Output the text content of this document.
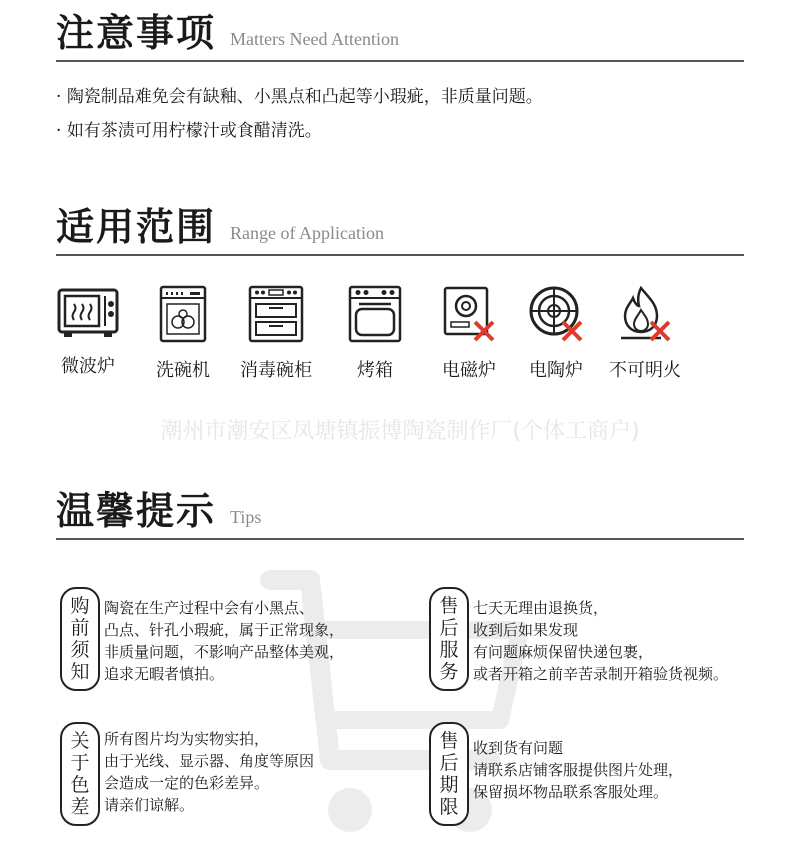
注意事项 Matters Need Attention
· 陶瓷制品难免会有缺釉、小黑点和凸起等小瑕疵，非质量问题。
· 如有茶渍可用柠檬汁或食醋清洗。
适用范围 Range of Application
微波炉	洗碗机	消毒碗柜	烤箱	电磁炉	电陶炉	不可明火
潮州市潮安区凤塘镇振博陶瓷制作厂(个体工商户)
温馨提示 Tips
购
前
须
知
陶瓷在生产过程中会有小黑点、
凸点、针孔小瑕疵，属于正常现象，
非质量问题，不影响产品整体美观，
追求无暇者慎拍。
售
后
服
务
七天无理由退换货，
收到后如果发现
有问题麻烦保留快递包裹，
或者开箱之前辛苦录制开箱验货视频。
关
于
色
差
所有图片均为实物实拍，
由于光线、显示器、角度等原因
会造成一定的色彩差异。
请亲们谅解。
售
后
期
限
收到货有问题
请联系店铺客服提供图片处理，
保留损坏物品联系客服处理。
